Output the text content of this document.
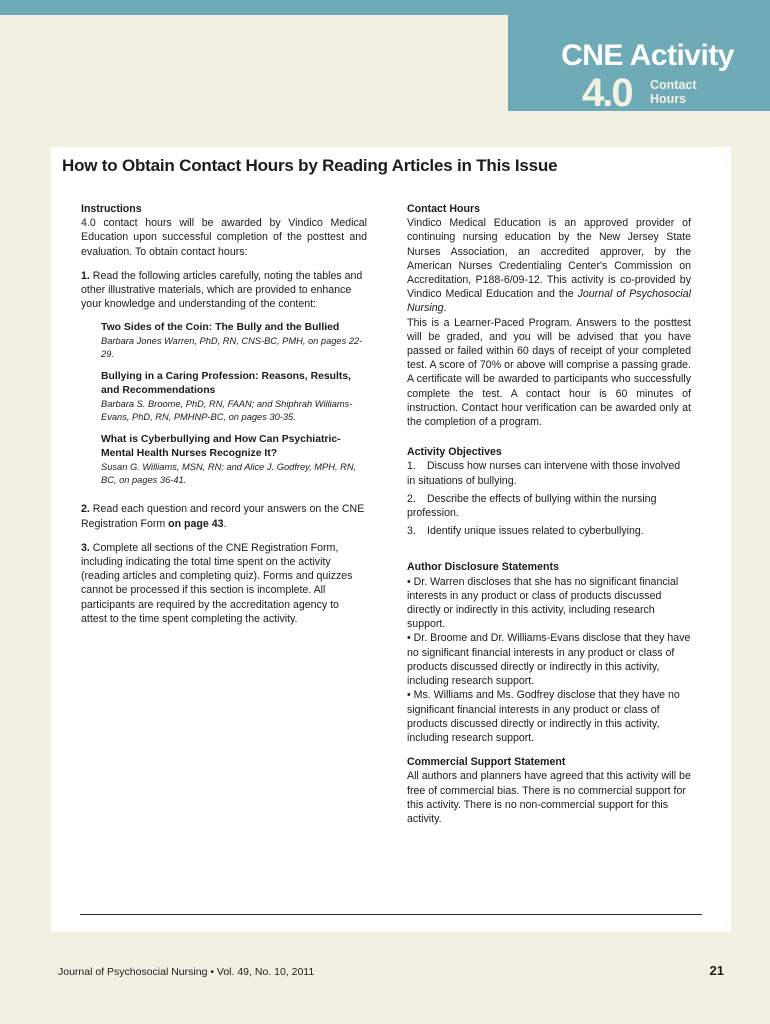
CNE Activity
4.0 Contact
Hours
How to Obtain Contact Hours by Reading Articles in This Issue
Instructions
4.0 contact hours will be awarded by Vindico Medical Education upon successful completion of the posttest and evaluation. To obtain contact hours:
1. Read the following articles carefully, noting the tables and other illustrative materials, which are provided to enhance your knowledge and understanding of the content:
Two Sides of the Coin: The Bully and the Bullied
Barbara Jones Warren, PhD, RN, CNS-BC, PMH, on pages 22-29.
Bullying in a Caring Profession: Reasons, Results, and Recommendations
Barbara S. Broome, PhD, RN, FAAN; and Shiphrah Williams-Evans, PhD, RN, PMHNP-BC, on pages 30-35.
What is Cyberbullying and How Can Psychiatric-Mental Health Nurses Recognize It?
Susan G. Williams, MSN, RN; and Alice J. Godfrey, MPH, RN, BC, on pages 36-41.
2. Read each question and record your answers on the CNE Registration Form on page 43.
3. Complete all sections of the CNE Registration Form, including indicating the total time spent on the activity (reading articles and completing quiz). Forms and quizzes cannot be processed if this section is incomplete. All participants are required by the accreditation agency to attest to the time spent completing the activity.
Contact Hours
Vindico Medical Education is an approved provider of continuing nursing education by the New Jersey State Nurses Association, an accredited approver, by the American Nurses Credentialing Center's Commission on Accreditation, P188-6/09-12. This activity is co-provided by Vindico Medical Education and the Journal of Psychosocial Nursing.
This is a Learner-Paced Program. Answers to the posttest will be graded, and you will be advised that you have passed or failed within 60 days of receipt of your completed test. A score of 70% or above will comprise a passing grade. A certificate will be awarded to participants who successfully complete the test. A contact hour is 60 minutes of instruction. Contact hour verification can be awarded only at the completion of a program.
Activity Objectives
1. Discuss how nurses can intervene with those involved in situations of bullying.
2. Describe the effects of bullying within the nursing profession.
3. Identify unique issues related to cyberbullying.
Author Disclosure Statements
• Dr. Warren discloses that she has no significant financial interests in any product or class of products discussed directly or indirectly in this activity, including research support.
• Dr. Broome and Dr. Williams-Evans disclose that they have no significant financial interests in any product or class of products discussed directly or indirectly in this activity, including research support.
• Ms. Williams and Ms. Godfrey disclose that they have no significant financial interests in any product or class of products discussed directly or indirectly in this activity, including research support.
Commercial Support Statement
All authors and planners have agreed that this activity will be free of commercial bias. There is no commercial support for this activity. There is no non-commercial support for this activity.
Journal of Psychosocial Nursing • Vol. 49, No. 10, 2011	21
